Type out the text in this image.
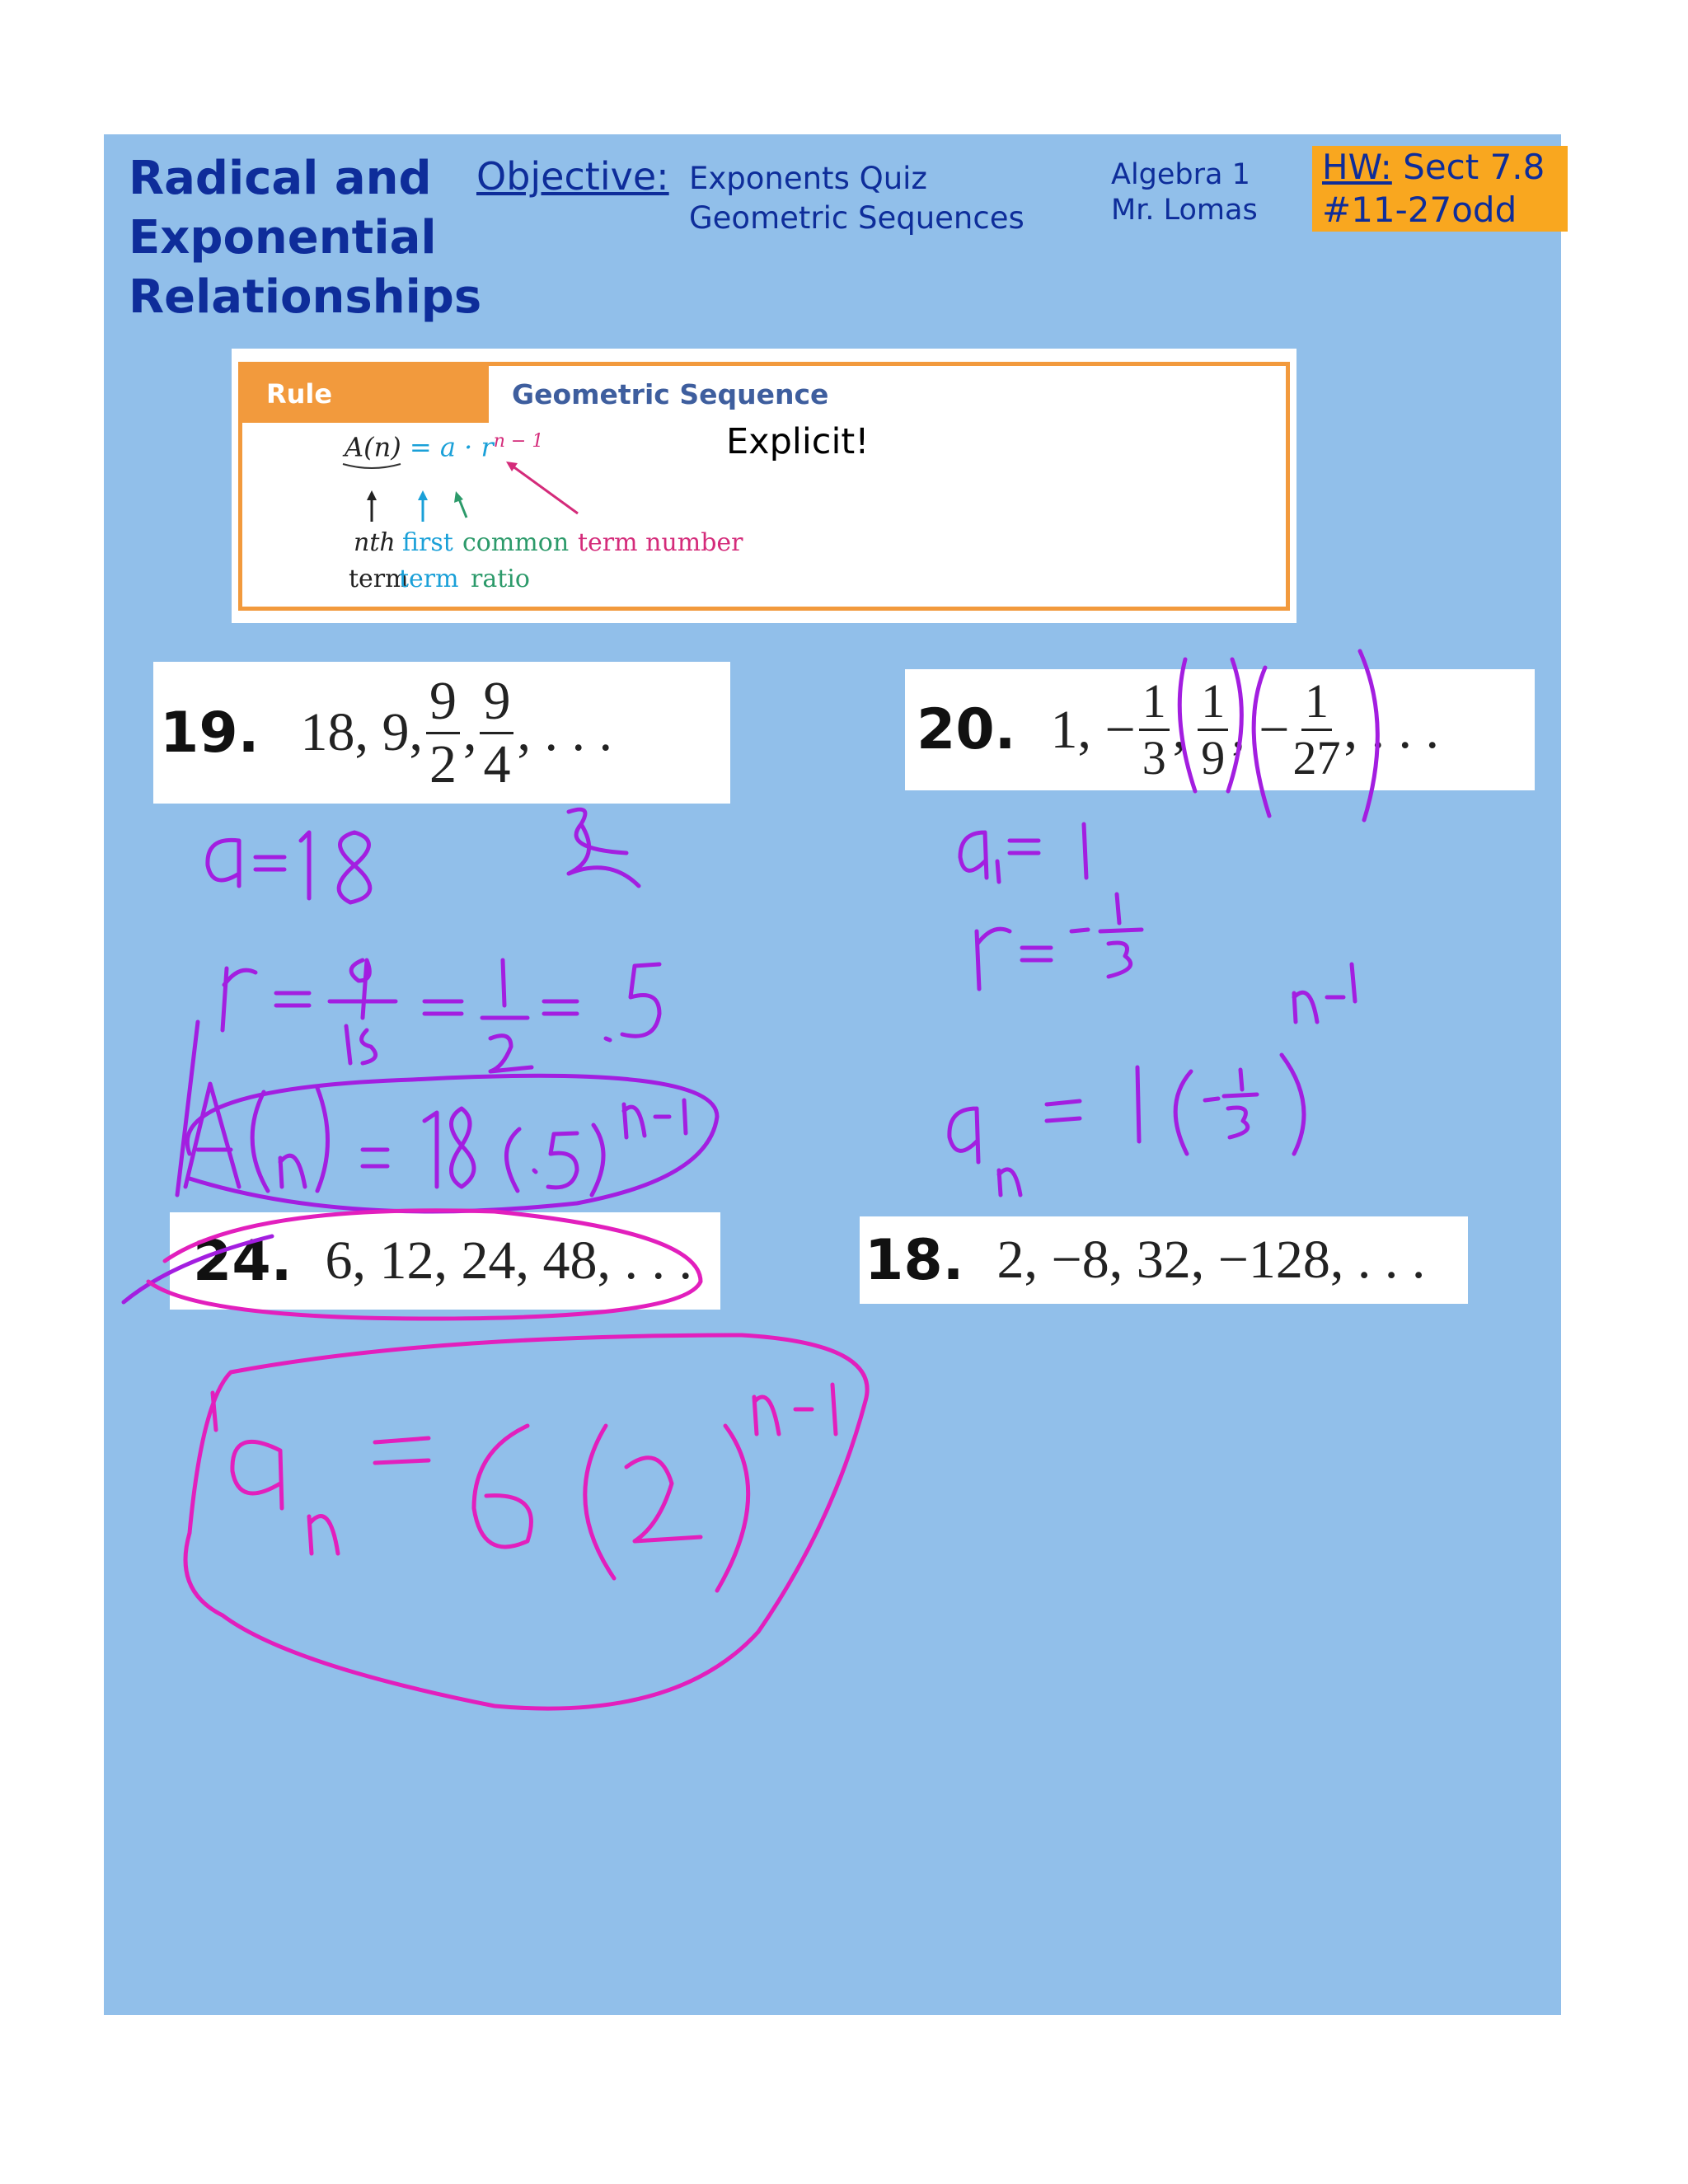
Radical and
Exponential
Relationships
Objective: Exponents Quiz
Geometric Sequences
Algebra 1
Mr. Lomas
HW: Sect 7.8
#11-27odd
Rule	Geometric Sequence
$A(n) = a \cdot r^{n - 1}$
nth
term
first
term
common
ratio
term number
Explicit!
19. 18, 9, $\frac{9}{2}$ , $\frac{9}{4}$ , . . .	20. 1, − $\frac{1}{3}$ , $\frac{1}{9}$ , − $\frac{1}{27}$ , . . .
24. 6, 12, 24, 48, . . .	18. 2, −8, 32, −128, . . .
